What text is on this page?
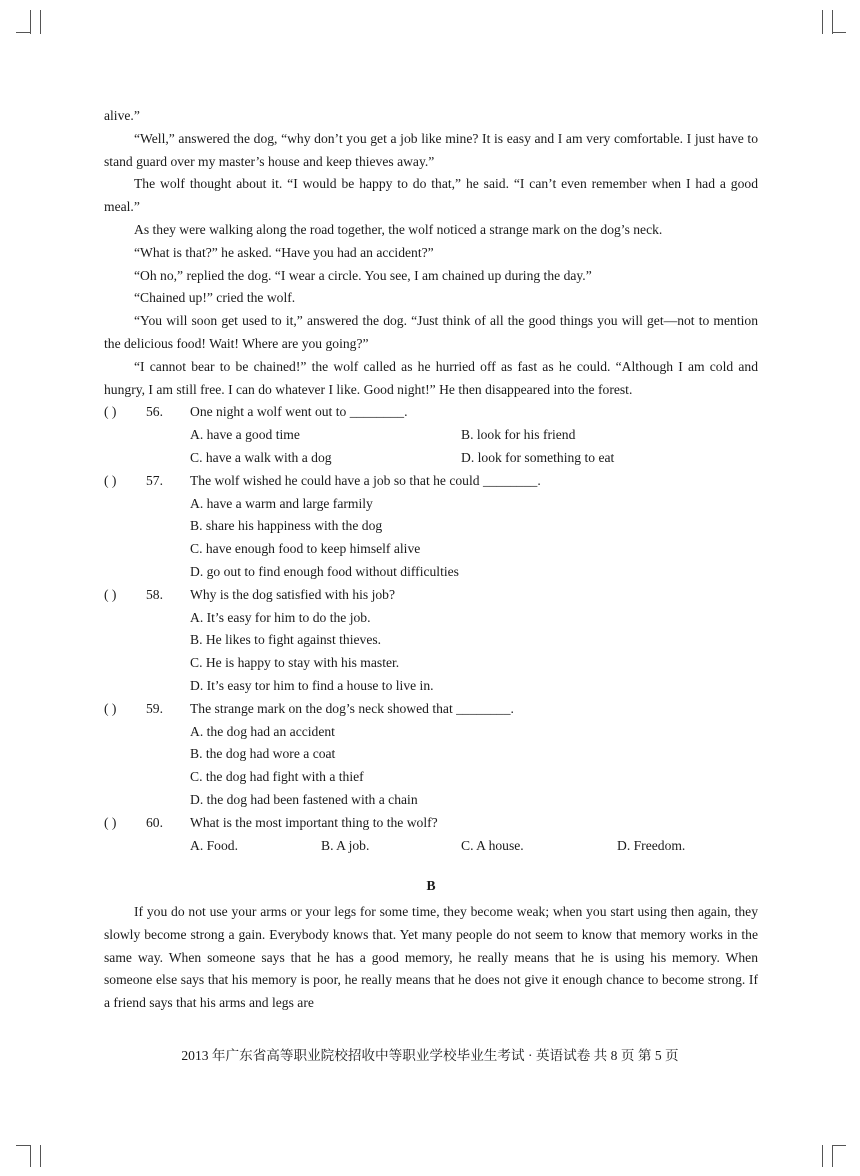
alive.”

“Well,” answered the dog, “why don’t you get a job like mine? It is easy and I am very comfortable. I just have to stand guard over my master’s house and keep thieves away.”

The wolf thought about it. “I would be happy to do that,” he said. “I can’t even remember when I had a good meal.”

As they were walking along the road together, the wolf noticed a strange mark on the dog’s neck.

“What is that?” he asked. “Have you had an accident?”

“Oh no,” replied the dog. “I wear a circle. You see, I am chained up during the day.”

“Chained up!” cried the wolf.

“You will soon get used to it,” answered the dog. “Just think of all the good things you will get—not to mention the delicious food! Wait! Where are you going?”

“I cannot bear to be chained!” the wolf called as he hurried off as fast as he could. “Although I am cold and hungry, I am still free. I can do whatever I like. Good night!” He then disappeared into the forest.

( ) 56. One night a wolf went out to ________.
A. have a good time	B. look for his friend
C. have a walk with a dog	D. look for something to eat
( ) 57. The wolf wished he could have a job so that he could ________.
A. have a warm and large farmily
B. share his happiness with the dog
C. have enough food to keep himself alive
D. go out to find enough food without difficulties
( ) 58. Why is the dog satisfied with his job?
A. It’s easy for him to do the job.
B. He likes to fight against thieves.
C. He is happy to stay with his master.
D. It’s easy tor him to find a house to live in.
( ) 59. The strange mark on the dog’s neck showed that ________.
A. the dog had an accident
B. the dog had wore a coat
C. the dog had fight with a thief
D. the dog had been fastened with a chain
( ) 60. What is the most important thing to the wolf?
A. Food.	B. A job.	C. A house.	D. Freedom.
B

If you do not use your arms or your legs for some time, they become weak; when you start using then again, they slowly become strong a gain. Everybody knows that. Yet many people do not seem to know that memory works in the same way. When someone says that he has a good memory, he really means that he is using his memory. When someone else says that his memory is poor, he really means that he does not give it enough chance to become strong. If a friend says that his arms and legs are

2013 年广东省高等职业院校招收中等职业学校毕业生考试 · 英语试卷 共 8 页 第 5 页
